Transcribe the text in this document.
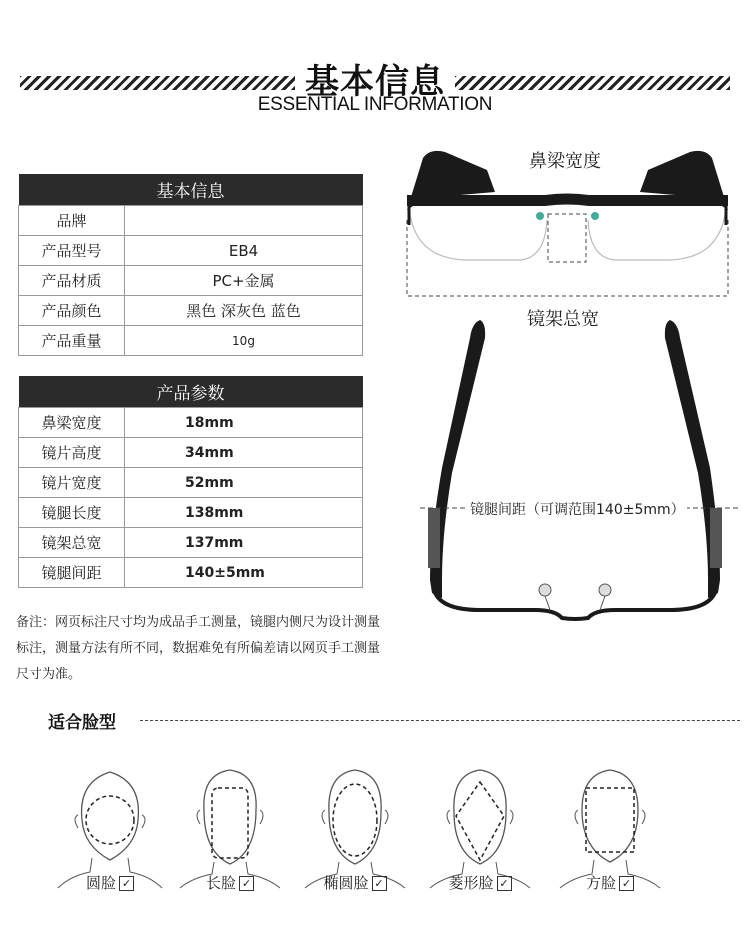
基本信息
ESSENTIAL INFORMATION
基本信息	
品牌	
产品型号	EB4
产品材质	PC+金属
产品颜色	黑色 深灰色 蓝色
产品重量	10g
产品参数	
鼻梁宽度	18mm
镜片高度	34mm
镜片宽度	52mm
镜腿长度	138mm
镜架总宽	137mm
镜腿间距	140±5mm
备注：网页标注尺寸均为成品手工测量，镜腿内侧尺为设计测量标注，测量方法有所不同，数据难免有所偏差请以网页手工测量尺寸为准。
鼻梁宽度
镜架总宽
镜腿间距（可调范围140±5mm）
适合脸型
圆脸 ✓	长脸 ✓	椭圆脸 ✓	菱形脸 ✓	方脸 ✓
